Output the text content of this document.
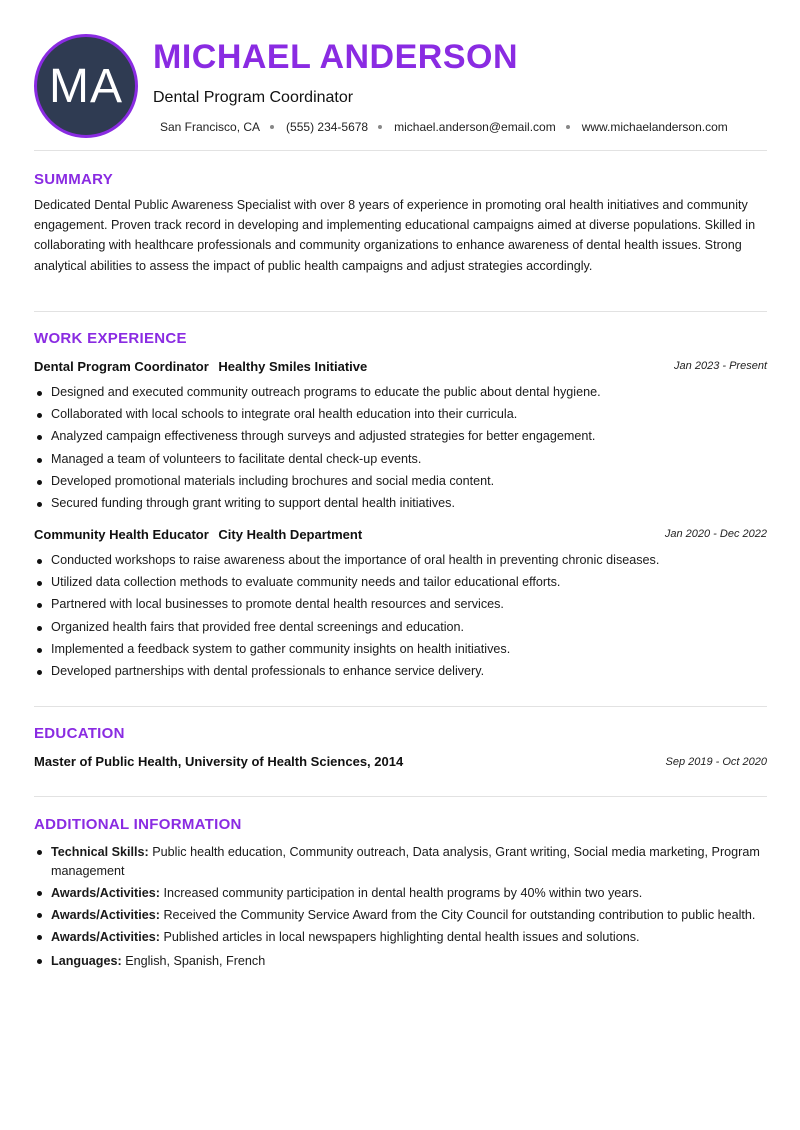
MA
MICHAEL ANDERSON
Dental Program Coordinator
San Francisco, CA (555) 234-5678 michael.anderson@email.com www.michaelanderson.com
SUMMARY
Dedicated Dental Public Awareness Specialist with over 8 years of experience in promoting oral health initiatives and community engagement. Proven track record in developing and implementing educational campaigns aimed at diverse populations. Skilled in collaborating with healthcare professionals and community organizations to enhance awareness of dental health issues. Strong analytical abilities to assess the impact of public health campaigns and adjust strategies accordingly.
WORK EXPERIENCE
Dental Program Coordinator Healthy Smiles Initiative	Jan 2023 - Present
Designed and executed community outreach programs to educate the public about dental hygiene.
Collaborated with local schools to integrate oral health education into their curricula.
Analyzed campaign effectiveness through surveys and adjusted strategies for better engagement.
Managed a team of volunteers to facilitate dental check-up events.
Developed promotional materials including brochures and social media content.
Secured funding through grant writing to support dental health initiatives.
Community Health Educator City Health Department	Jan 2020 - Dec 2022
Conducted workshops to raise awareness about the importance of oral health in preventing chronic diseases.
Utilized data collection methods to evaluate community needs and tailor educational efforts.
Partnered with local businesses to promote dental health resources and services.
Organized health fairs that provided free dental screenings and education.
Implemented a feedback system to gather community insights on health initiatives.
Developed partnerships with dental professionals to enhance service delivery.
EDUCATION
Master of Public Health, University of Health Sciences, 2014	Sep 2019 - Oct 2020
ADDITIONAL INFORMATION
Technical Skills: Public health education, Community outreach, Data analysis, Grant writing, Social media marketing, Program management
Awards/Activities: Increased community participation in dental health programs by 40% within two years.
Awards/Activities: Received the Community Service Award from the City Council for outstanding contribution to public health.
Awards/Activities: Published articles in local newspapers highlighting dental health issues and solutions.
Languages: English, Spanish, French
